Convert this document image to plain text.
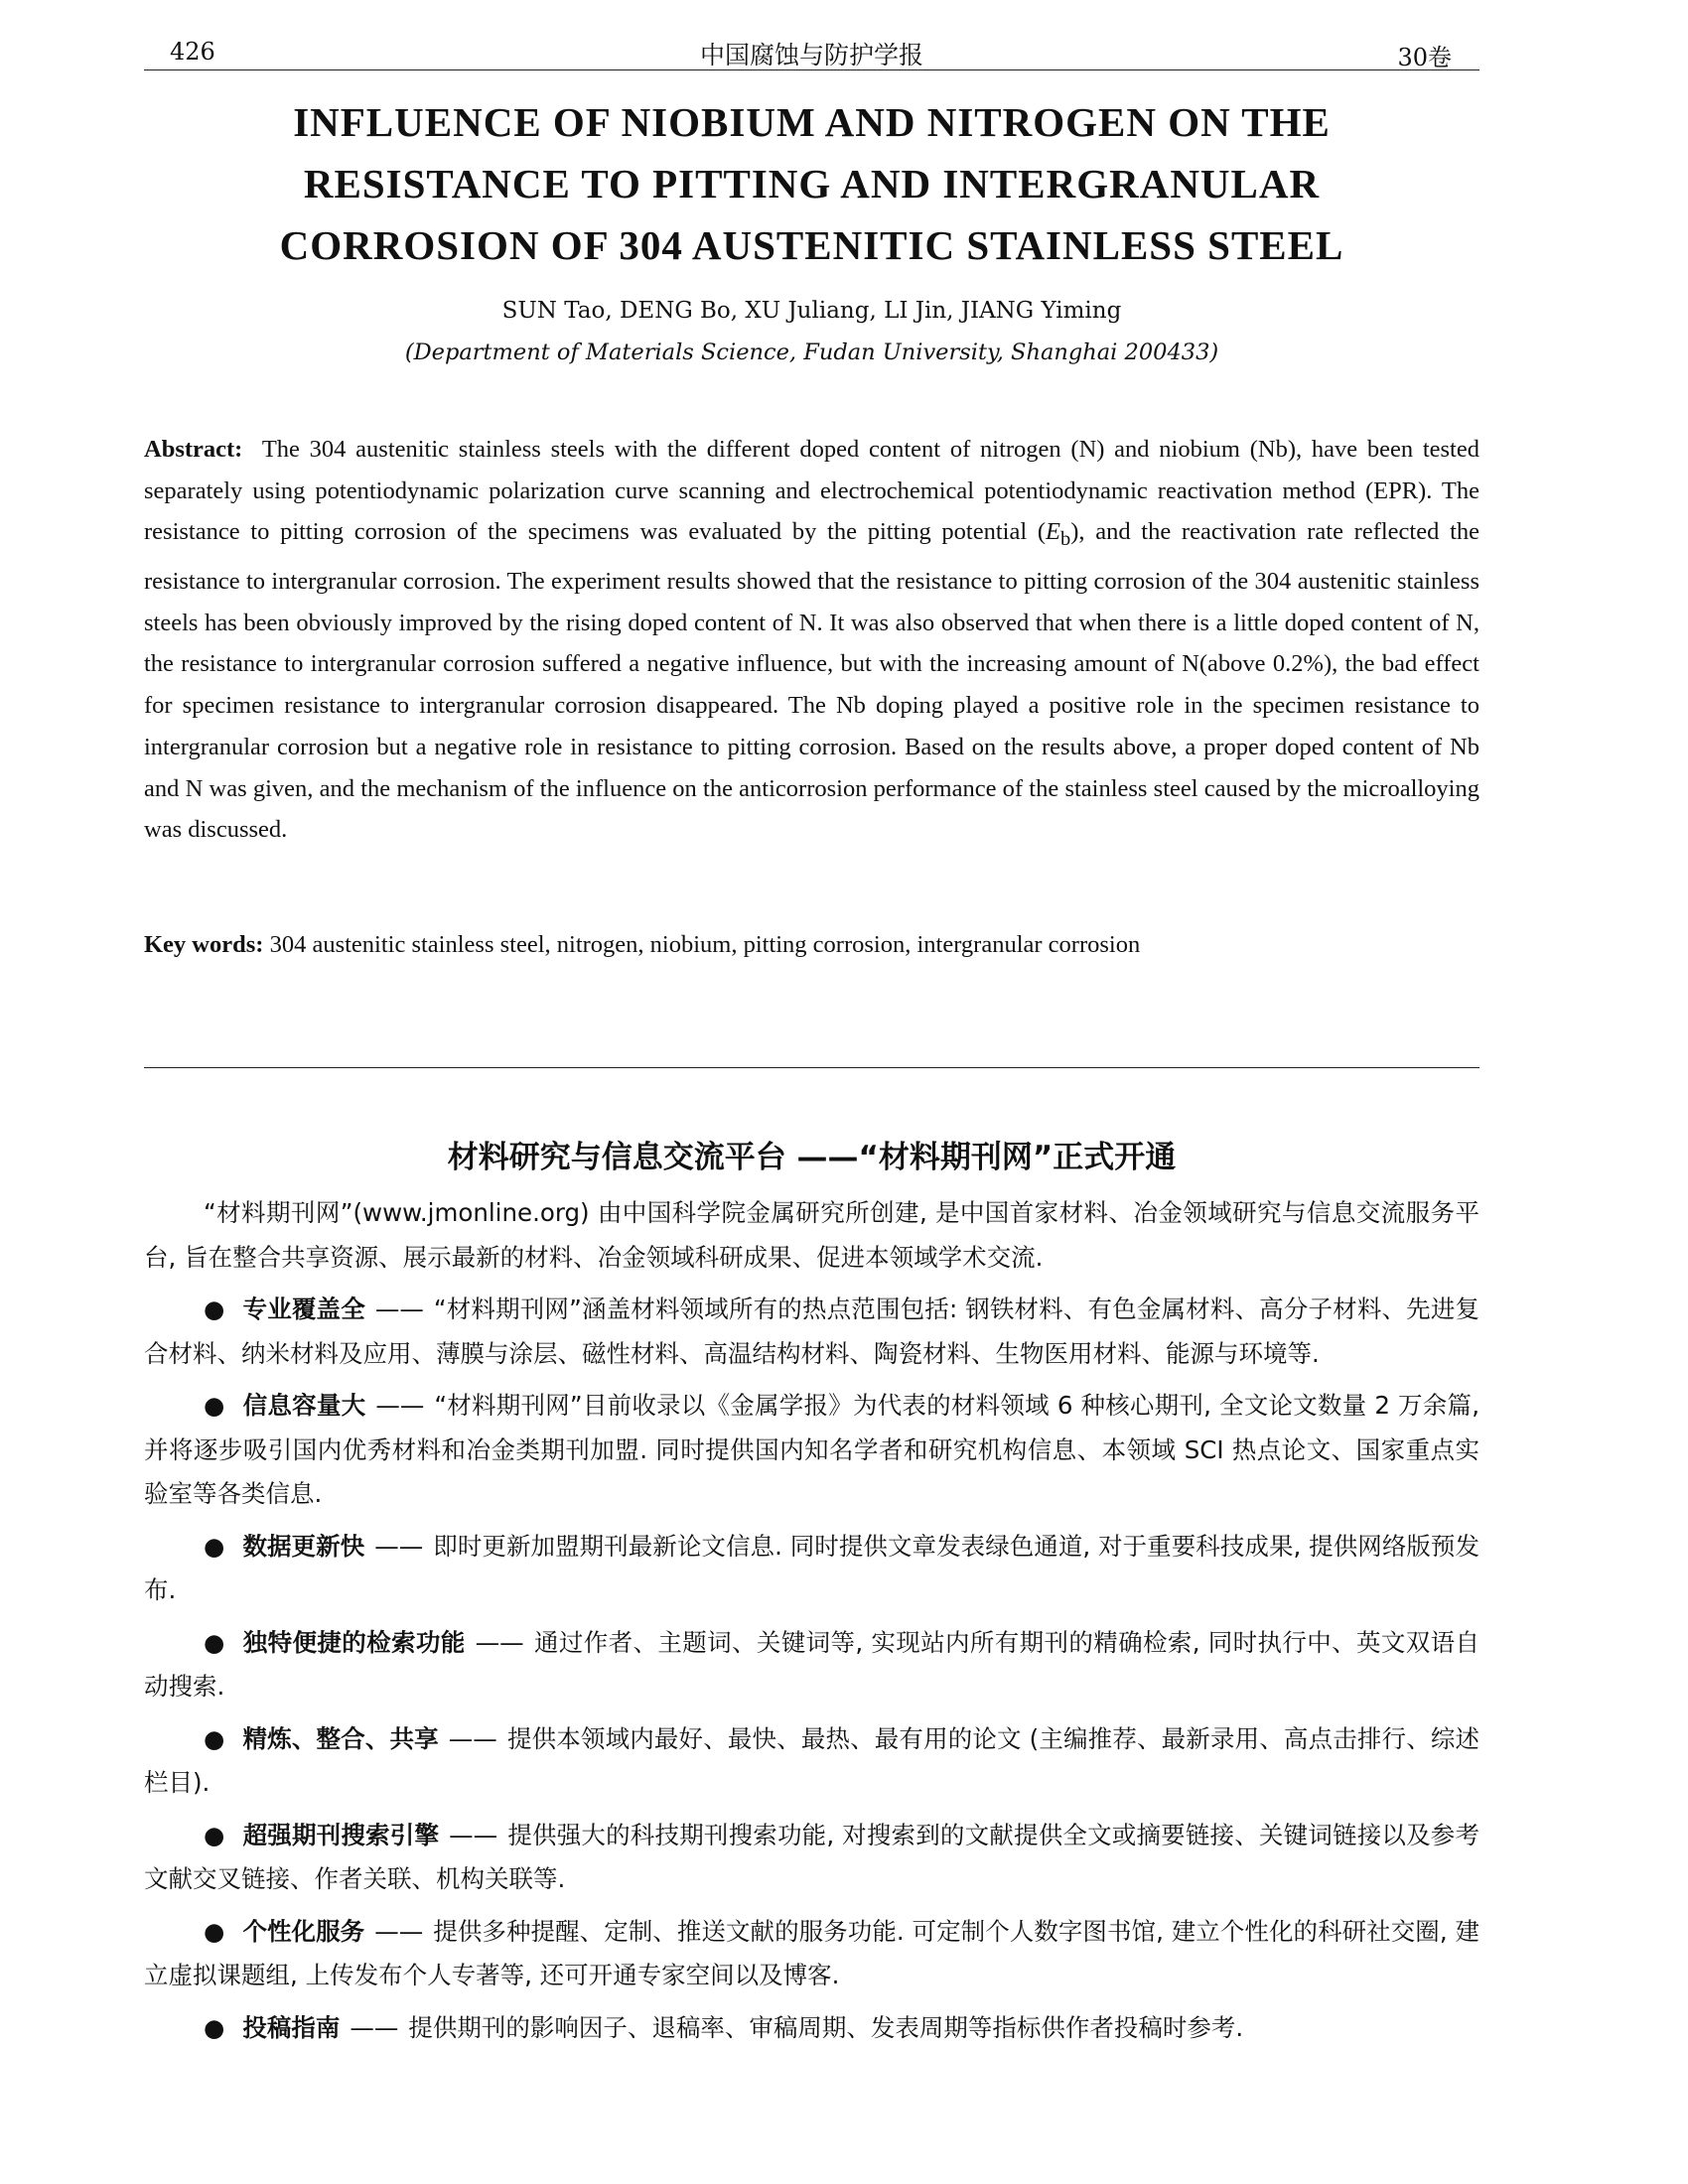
426	中国腐蚀与防护学报	30卷
INFLUENCE OF NIOBIUM AND NITROGEN ON THE
RESISTANCE TO PITTING AND INTERGRANULAR
CORROSION OF 304 AUSTENITIC STAINLESS STEEL
SUN Tao, DENG Bo, XU Juliang, LI Jin, JIANG Yiming
(Department of Materials Science, Fudan University, Shanghai 200433)
Abstract: The 304 austenitic stainless steels with the different doped content of nitrogen (N) and niobium (Nb), have been tested separately using potentiodynamic polarization curve scanning and electrochemical potentiodynamic reactivation method (EPR). The resistance to pitting corrosion of the specimens was evaluated by the pitting potential $(E_b)$, and the reactivation rate reflected the resistance to intergranular corrosion. The experiment results showed that the resistance to pitting corrosion of the 304 austenitic stainless steels has been obviously improved by the rising doped content of N. It was also observed that when there is a little doped content of N, the resistance to intergranular corrosion suffered a negative influence, but with the increasing amount of N(above 0.2%), the bad effect for specimen resistance to intergranular corrosion disappeared. The Nb doping played a positive role in the specimen resistance to intergranular corrosion but a negative role in resistance to pitting corrosion. Based on the results above, a proper doped content of Nb and N was given, and the mechanism of the influence on the anticorrosion performance of the stainless steel caused by the microalloying was discussed.
Key words: 304 austenitic stainless steel, nitrogen, niobium, pitting corrosion, intergranular corrosion
材料研究与信息交流平台 ——“材料期刊网”正式开通

“材料期刊网”(www.jmonline.org) 由中国科学院金属研究所创建, 是中国首家材料、冶金领域研究与信息交流服务平台, 旨在整合共享资源、展示最新的材料、冶金领域科研成果、促进本领域学术交流.

● 专业覆盖全 —— “材料期刊网”涵盖材料领域所有的热点范围包括: 钢铁材料、有色金属材料、高分子材料、先进复合材料、纳米材料及应用、薄膜与涂层、磁性材料、高温结构材料、陶瓷材料、生物医用材料、能源与环境等.

● 信息容量大 —— “材料期刊网”目前收录以《金属学报》为代表的材料领域 6 种核心期刊, 全文论文数量 2 万余篇, 并将逐步吸引国内优秀材料和冶金类期刊加盟. 同时提供国内知名学者和研究机构信息、本领域 SCI 热点论文、国家重点实验室等各类信息.

● 数据更新快 —— 即时更新加盟期刊最新论文信息. 同时提供文章发表绿色通道, 对于重要科技成果, 提供网络版预发布.

● 独特便捷的检索功能 —— 通过作者、主题词、关键词等, 实现站内所有期刊的精确检索, 同时执行中、英文双语自动搜索.

● 精炼、整合、共享 —— 提供本领域内最好、最快、最热、最有用的论文 (主编推荐、最新录用、高点击排行、综述栏目).

● 超强期刊搜索引擎 —— 提供强大的科技期刊搜索功能, 对搜索到的文献提供全文或摘要链接、关键词链接以及参考文献交叉链接、作者关联、机构关联等.

● 个性化服务 —— 提供多种提醒、定制、推送文献的服务功能. 可定制个人数字图书馆, 建立个性化的科研社交圈, 建立虚拟课题组, 上传发布个人专著等, 还可开通专家空间以及博客.

● 投稿指南 —— 提供期刊的影响因子、退稿率、审稿周期、发表周期等指标供作者投稿时参考.
